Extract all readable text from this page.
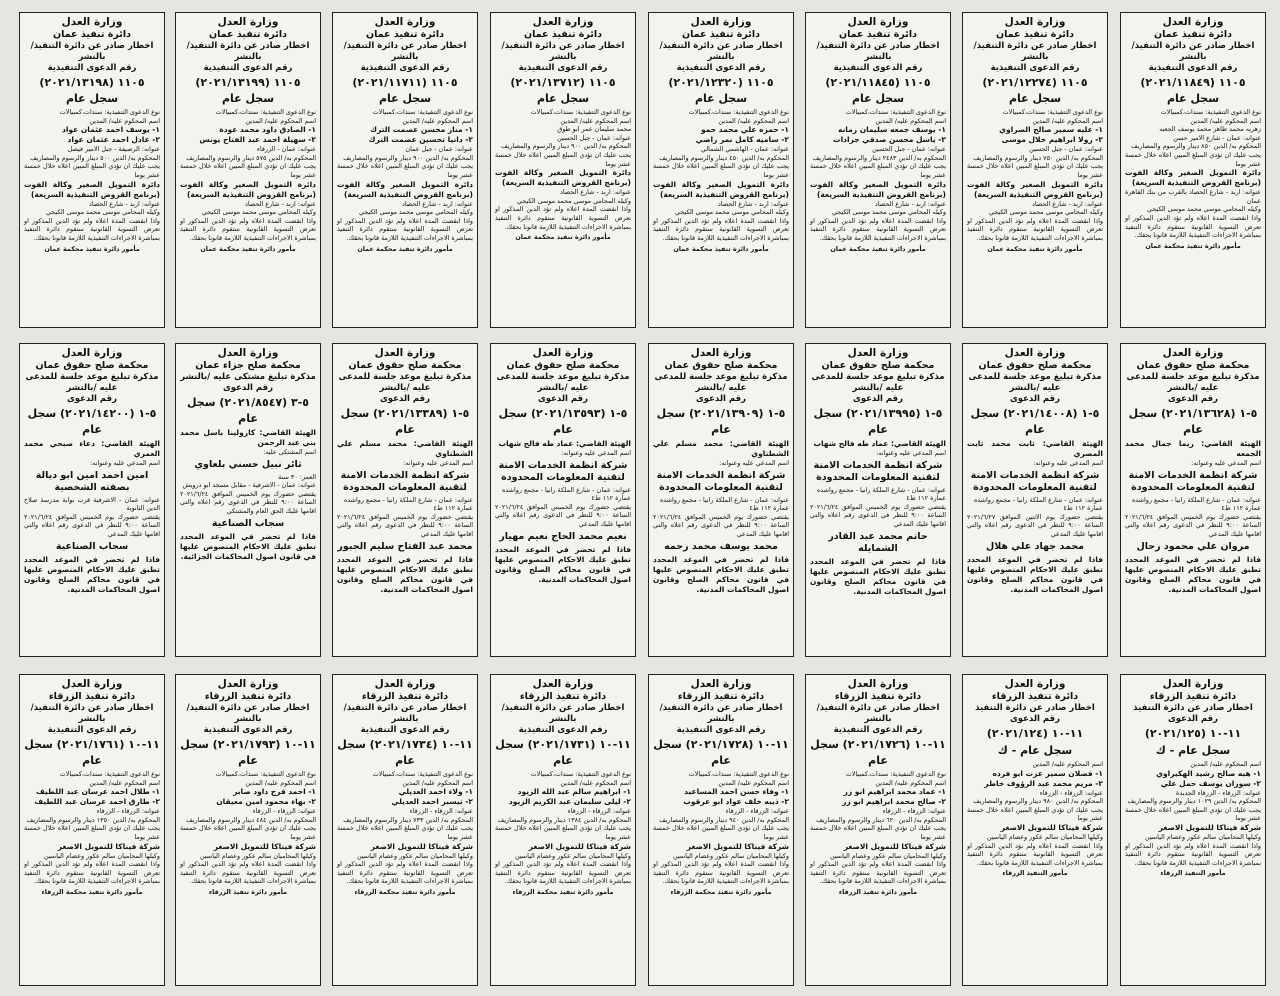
وزارة العدل
دائرة تنفيذ عمان
اخطار صادر عن دائرة التنفيذ/ بالنشر
رقم الدعوى التنفيذية
١١٠٥ (٢٠٢١/١١٨٤٩) سجل عام
نوع الدعوى التنفيذية: سندات،كمبيالات
اسم المحكوم عليه/ المدين
زهريه محمد طاهر محمد يوسف الجعبه
عنوانه: عمان - شارع الامير حسن
المحكوم به/ الدين ٨٥٠ دينار والرسوم والمصاريف
يجب عليك ان تؤدي المبلغ المبين اعلاه خلال خمسة عشر يوما
دائرة التمويل الصغير وكالة الفوت (برنامج القروض التنفيذية السريعة)
عنوانه: اربد - شارع الحصاد بالقرب من بنك القاهرة عمان
وكيله المحامي موسى محمد موسى الكيجي
واذا انقضت المدة اعلاه ولم تؤد الدين المذكور او تعرض التسوية القانونية ستقوم دائرة التنفيذ بمباشرة الاجراءات التنفيذية اللازمة قانونا بحقك.
مأمور دائرة تنفيذ محكمة عمان
وزارة العدل
دائرة تنفيذ عمان
اخطار صادر عن دائرة التنفيذ/ بالنشر
رقم الدعوى التنفيذية
١١٠٥ (٢٠٢١/١٢٢٧٤) سجل عام
نوع الدعوى التنفيذية: سندات،كمبيالات
اسم المحكوم عليه/ المدين
١- عليه سمير صالح الصراوي
٢- رولا ابراهيم خلال موسى
عنوانه: عمان - جبل الحسين
المحكوم به/ الدين ٧٥٠ دينار والرسوم والمصاريف
يجب عليك ان تؤدي المبلغ المبين اعلاه خلال خمسة عشر يوما
دائرة التمويل الصغير وكالة الفوت (برنامج القروض التنفيذية السريعة)
عنوانه: اربد - شارع الحصاد
وكيله المحامي موسى محمد موسى الكيجي
واذا انقضت المدة اعلاه ولم تؤد الدين المذكور او تعرض التسوية القانونية ستقوم دائرة التنفيذ بمباشرة الاجراءات التنفيذية اللازمة قانونا بحقك.
مأمور دائرة تنفيذ محكمة عمان
وزارة العدل
دائرة تنفيذ عمان
اخطار صادر عن دائرة التنفيذ/ بالنشر
رقم الدعوى التنفيذية
١١٠٥ (٢٠٢١/١١٨٤٥) سجل عام
نوع الدعوى التنفيذية: سندات،كمبيالات
اسم المحكوم عليه/ المدين
١- يوسف جمعه سليمان رمانه
٢- ياسل محسن صدقي جرادات
عنوانه: عمان - جبل الحسين
المحكوم به/ الدين ٢٤٨٣ دينار والرسوم والمصاريف
يجب عليك ان تؤدي المبلغ المبين اعلاه خلال خمسة عشر يوما
دائرة التمويل الصغير وكالة الفوت (برنامج القروض التنفيذية السريعة)
عنوانه: اربد - شارع الحصاد
وكيله المحامي موسى محمد موسى الكيجي
واذا انقضت المدة اعلاه ولم تؤد الدين المذكور او تعرض التسوية القانونية ستقوم دائرة التنفيذ بمباشرة الاجراءات التنفيذية اللازمة قانونا بحقك.
مأمور دائرة تنفيذ محكمة عمان
وزارة العدل
دائرة تنفيذ عمان
اخطار صادر عن دائرة التنفيذ/ بالنشر
رقم الدعوى التنفيذية
١١٠٥ (٢٠٢١/١٢٣٢٠) سجل عام
نوع الدعوى التنفيذية: سندات،كمبيالات
اسم المحكوم عليه/ المدين
١- حمزه علي محمد حمو
٢- ساميه كامل نمر راضي
عنوانه: عمان - الهاشمي الشمالي
المحكوم به/ الدين ٤٥٠ دينار والرسوم والمصاريف
يجب عليك ان تؤدي المبلغ المبين اعلاه خلال خمسة عشر يوما
دائرة التمويل الصغير وكالة الفوت (برنامج القروض التنفيذية السريعة)
عنوانه: اربد - شارع الحصاد
وكيله المحامي موسى محمد موسى الكيجي
واذا انقضت المدة اعلاه ولم تؤد الدين المذكور او تعرض التسوية القانونية ستقوم دائرة التنفيذ بمباشرة الاجراءات التنفيذية اللازمة قانونا بحقك.
مأمور دائرة تنفيذ محكمة عمان
وزارة العدل
دائرة تنفيذ عمان
اخطار صادر عن دائرة التنفيذ/ بالنشر
رقم الدعوى التنفيذية
١١٠٥ (٢٠٢١/١٣٧١٢) سجل عام
نوع الدعوى التنفيذية: سندات،كمبيالات
اسم المحكوم عليه/ المدين
محمد سليمان عمر ابو طوق
عنوانه: عمان - جبل الحسين
المحكوم به/ الدين ٩٠٠ دينار والرسوم والمصاريف
يجب عليك ان تؤدي المبلغ المبين اعلاه خلال خمسة عشر يوما
دائرة التمويل الصغير وكالة الفوت (برنامج القروض التنفيذية السريعة)
عنوانه: اربد - شارع الحصاد
وكيله المحامي موسى محمد موسى الكيجي
واذا انقضت المدة اعلاه ولم تؤد الدين المذكور او تعرض التسوية القانونية ستقوم دائرة التنفيذ بمباشرة الاجراءات التنفيذية اللازمة قانونا بحقك.
مأمور دائرة تنفيذ محكمة عمان
وزارة العدل
دائرة تنفيذ عمان
اخطار صادر عن دائرة التنفيذ/ بالنشر
رقم الدعوى التنفيذية
١١٠٥ (٢٠٢١/١١٧١١) سجل عام
نوع الدعوى التنفيذية: سندات،كمبيالات
اسم المحكوم عليه/ المدين
١- منار محسن عصمت الترك
٢- دانيا تحسين عصمت الترك
عنوانه: عمان - جبل عمان
المحكوم به/ الدين ٩٠٠ دينار والرسوم والمصاريف
يجب عليك ان تؤدي المبلغ المبين اعلاه خلال خمسة عشر يوما
دائرة التمويل الصغير وكالة الفوت (برنامج القروض التنفيذية السريعة)
عنوانه: اربد - شارع الحصاد
وكيله المحامي موسى محمد موسى الكيجي
واذا انقضت المدة اعلاه ولم تؤد الدين المذكور او تعرض التسوية القانونية ستقوم دائرة التنفيذ بمباشرة الاجراءات التنفيذية اللازمة قانونا بحقك.
مأمور دائرة تنفيذ محكمة عمان
وزارة العدل
دائرة تنفيذ عمان
اخطار صادر عن دائرة التنفيذ/ بالنشر
رقم الدعوى التنفيذية
١١٠٥ (٢٠٢١/١٣١٩٩) سجل عام
نوع الدعوى التنفيذية: سندات،كمبيالات
اسم المحكوم عليه/ المدين
١- الصادق داود محمد عودة
٢- سهيلة احمد عبد الفتاح يونس
عنوانه: عمان - الزرقاء
المحكوم به/ الدين ٥٧٥ دينار والرسوم والمصاريف
يجب عليك ان تؤدي المبلغ المبين اعلاه خلال خمسة عشر يوما
دائرة التمويل الصغير وكالة الفوت (برنامج القروض التنفيذية السريعة)
عنوانه: اربد - شارع الحصاد
وكيله المحامي موسى محمد موسى الكيجي
واذا انقضت المدة اعلاه ولم تؤد الدين المذكور او تعرض التسوية القانونية ستقوم دائرة التنفيذ بمباشرة الاجراءات التنفيذية اللازمة قانونا بحقك.
مأمور دائرة تنفيذ محكمة عمان
وزارة العدل
دائرة تنفيذ عمان
اخطار صادر عن دائرة التنفيذ/ بالنشر
رقم الدعوى التنفيذية
١١٠٥ (٢٠٢١/١٣١٩٨) سجل عام
نوع الدعوى التنفيذية: سندات،كمبيالات
اسم المحكوم عليه/ المدين
١- يوسف احمد عثمان عواد
٢- عادل احمد عثمان عواد
عنوانه: الرصيفة - جبل الامير فيصل
المحكوم به/ الدين ٥٠٠ دينار والرسوم والمصاريف
يجب عليك ان تؤدي المبلغ المبين اعلاه خلال خمسة عشر يوما
دائرة التمويل الصغير وكالة الفوت (برنامج القروض التنفيذية السريعة)
عنوانه: اربد - شارع الحصاد
وكيله المحامي موسى محمد موسى الكيجي
واذا انقضت المدة اعلاه ولم تؤد الدين المذكور او تعرض التسوية القانونية ستقوم دائرة التنفيذ بمباشرة الاجراءات التنفيذية اللازمة قانونا بحقك.
مأمور دائرة تنفيذ محكمة عمان
وزارة العدل
محكمة صلح حقوق عمان
مذكرة تبليغ موعد جلسة للمدعى عليه /بالنشر
رقم الدعوى
٥-١ (٢٠٢١/١٣٦٢٨) سجل عام
الهيئة القاضي: ريما جمال محمد الجمعه
اسم المدعي عليه وعنوانه:
شركة انظمة الخدمات الامنة لتقنية المعلومات المحدودة
عنوانه: عمان - شارع الملكة رانيا - مجمع رواشده
عمارة ١١٢ ط٤
يقتضي حضورك يوم الخميس الموافق ٢٠٢١/٦/٢٤ الساعة ٩:٠٠ للنظر في الدعوى رقم اعلاه والتي اقامها عليك المدعي
مروان علي محمود رحال
فاذا لم تحضر في الموعد المحدد تطبق عليك الاحكام المنصوص عليها في قانون محاكم الصلح وقانون اصول المحاكمات المدنية.
وزارة العدل
محكمة صلح حقوق عمان
مذكرة تبليغ موعد جلسة للمدعى عليه /بالنشر
رقم الدعوى
٥-١ (٢٠٢١/١٤٠٠٨) سجل عام
الهيئة القاضي: ثابت محمد ثابت المصري
اسم المدعي عليه وعنوانه:
شركة انظمة الخدمات الامنة لتقنية المعلومات المحدودة
عنوانه: عمان - شارع الملكة رانيا - مجمع رواشده
عمارة ١١٢ ط٤
يقتضي حضورك يوم الاثنين الموافق ٢٠٢١/٦/٢٧ الساعة ٩:٠٠ للنظر في الدعوى رقم اعلاه والتي اقامها عليك المدعي
محمد جهاد علي هلال
فاذا لم تحضر في الموعد المحدد تطبق عليك الاحكام المنصوص عليها في قانون محاكم الصلح وقانون اصول المحاكمات المدنية.
وزارة العدل
محكمة صلح حقوق عمان
مذكرة تبليغ موعد جلسة للمدعى عليه /بالنشر
رقم الدعوى
٥-١ (٢٠٢١/١٣٩٩٥) سجل عام
الهيئة القاضي: عماد طه فالح شهاب
اسم المدعي عليه وعنوانه:
شركة انظمة الخدمات الامنة لتقنية المعلومات المحدودة
عنوانه: عمان - شارع الملكة رانيا - مجمع رواشده
عمارة ١١٢ ط٤
يقتضي حضورك يوم الخميس الموافق ٢٠٢١/٦/٢٤ الساعة ٩:٠٠ للنظر في الدعوى رقم اعلاه والتي اقامها عليك المدعي
حاتم محمد عبد القادر الشمايله
فاذا لم تحضر في الموعد المحدد تطبق عليك الاحكام المنصوص عليها في قانون محاكم الصلح وقانون اصول المحاكمات المدنية.
وزارة العدل
محكمة صلح حقوق عمان
مذكرة تبليغ موعد جلسة للمدعى عليه /بالنشر
رقم الدعوى
٥-١ (٢٠٢١/١٣٩٠٩) سجل عام
الهيئة القاضي: محمد مسلم علي الشطناوي
اسم المدعي عليه وعنوانه:
شركة انظمة الخدمات الامنة لتقنية المعلومات المحدودة
عنوانه: عمان - شارع الملكة رانيا - مجمع رواشده
عمارة ١١٢ ط٤
يقتضي حضورك يوم الخميس الموافق ٢٠٢١/٦/٢٤ الساعة ٩:٠٠ للنظر في الدعوى رقم اعلاه والتي اقامها عليك المدعي
محمد يوسف محمد رحمه
فاذا لم تحضر في الموعد المحدد تطبق عليك الاحكام المنصوص عليها في قانون محاكم الصلح وقانون اصول المحاكمات المدنية.
وزارة العدل
محكمة صلح حقوق عمان
مذكرة تبليغ موعد جلسة للمدعى عليه /بالنشر
رقم الدعوى
٥-١ (٢٠٢١/١٣٥٩٣) سجل عام
الهيئة القاضي: عماد طه فالح شهاب
اسم المدعي عليه وعنوانه:
شركة انظمة الخدمات الامنة لتقنية المعلومات المحدودة
عنوانه: عمان - شارع الملكة رانيا - مجمع رواشده
عمارة ١١٢ ط٤
يقتضي حضورك يوم الخميس الموافق ٢٠٢١/٦/٢٤ الساعة ٩:٠٠ للنظر في الدعوى رقم اعلاه والتي اقامها عليك المدعي
نعيم محمد الحاج نعيم مهيار
فاذا لم تحضر في الموعد المحدد تطبق عليك الاحكام المنصوص عليها في قانون محاكم الصلح وقانون اصول المحاكمات المدنية.
وزارة العدل
محكمة صلح حقوق عمان
مذكرة تبليغ موعد جلسة للمدعى عليه /بالنشر
رقم الدعوى
٥-١ (٢٠٢١/١٣٣٨٩) سجل عام
الهيئة القاضي: محمد مسلم علي الشطناوي
اسم المدعي عليه وعنوانه:
شركة انظمة الخدمات الامنة لتقنية المعلومات المحدودة
عنوانه: عمان - شارع الملكة رانيا - مجمع رواشده
عمارة ١١٢ ط٤
يقتضي حضورك يوم الخميس الموافق ٢٠٢١/٦/٢٤ الساعة ٩:٠٠ للنظر في الدعوى رقم اعلاه والتي اقامها عليك المدعي
محمد عبد الفتاح سليم الجبور
فاذا لم تحضر في الموعد المحدد تطبق عليك الاحكام المنصوص عليها في قانون محاكم الصلح وقانون اصول المحاكمات المدنية.
وزارة العدل
محكمة صلح جزاء عمان
مذكرة تبليغ مشتكى عليه /بالنشر
رقم الدعوى
٥-٣ (٢٠٢١/٨٥٤٧) سجل عام
الهيئة القاضي: كارولينا باسل محمد بني عبد الرحمن
اسم المشتكى عليه:
ثائر نبيل حسني بلعاوي
العمر: ٣٠ سنة
عنوانه: عمان - الاشرفية - مقابل مسجد ابو درويش
يقتضي حضورك يوم الخميس الموافق ٢٠٢١/٦/٢٤ الساعة ٩:٠٠ للنظر في الدعوى رقم اعلاه والتي اقامها عليك الحق العام والمشتكي
سجاب الصناعية
فاذا لم تحضر في الموعد المحدد تطبق عليك الاحكام المنصوص عليها في قانون اصول المحاكمات الجزائية.
وزارة العدل
محكمة صلح حقوق عمان
مذكرة تبليغ موعد جلسة للمدعى عليه /بالنشر
رقم الدعوى
٥-١ (٢٠٢١/١٤٢٠٠) سجل عام
الهيئة القاضي: دعاء صبحي محمد العمري
اسم المدعي عليه وعنوانه:
امين احمد امين ابو ديالة بصفته الشخصية
عنوانه: عمان - الاشرفية قرب بوابة مدرسة صلاح الدين الثانوية
يقتضي حضورك يوم الخميس الموافق ٢٠٢١/٦/٢٤ الساعة ٩:٠٠ للنظر في الدعوى رقم اعلاه والتي اقامها عليك المدعي
سجاب الصناعية
فاذا لم تحضر في الموعد المحدد تطبق عليك الاحكام المنصوص عليها في قانون محاكم الصلح وقانون اصول المحاكمات المدنية.
وزارة العدل
دائرة تنفيذ الزرقاء
اخطار صادر عن دائرة التنفيذ
رقم الدعوى
١١-١٠ (٢٠٢١/١٢٥)
سجل عام - ك
اسم المحكوم عليه/ المدين
١- هبه صالح رشيد الهكيراوي
٢- سوزان يوسف حمل علي
عنوانه: الزرقاء - الزرقاء الجديدة
المحكوم به/ الدين ١٠٢٩ دينار والرسوم والمصاريف
يجب عليك ان تؤدي المبلغ المبين اعلاه خلال خمسة عشر يوما
شركة فيناكا للتمويل الاصغر
وكيلها المحاميان سالم عكور وعصام الياسين
واذا انقضت المدة اعلاه ولم تؤد الدين المذكور او تعرض التسوية القانونية ستقوم دائرة التنفيذ بمباشرة الاجراءات التنفيذية اللازمة قانونا بحقك.
مأمور التنفيذ الزرقاء
وزارة العدل
دائرة تنفيذ الزرقاء
اخطار صادر عن دائرة التنفيذ
رقم الدعوى
١١-١٠ (٢٠٢١/١٢٤)
سجل عام - ك
اسم المحكوم عليه/ المدين
١- فصلان سمير عزت ابو فرده
٢- مريم محمد عبد الرؤوف خاطر
عنوانه: الزرقاء - الزرقاء
المحكوم به/ الدين ٩٨٠ دينار والرسوم والمصاريف
يجب عليك ان تؤدي المبلغ المبين اعلاه خلال خمسة عشر يوما
شركة فيناكا للتمويل الاصغر
وكيلها المحاميان سالم عكور وعصام الياسين
واذا انقضت المدة اعلاه ولم تؤد الدين المذكور او تعرض التسوية القانونية ستقوم دائرة التنفيذ بمباشرة الاجراءات التنفيذية اللازمة قانونا بحقك.
مأمور التنفيذ الزرقاء
وزارة العدل
دائرة تنفيذ الزرقاء
اخطار صادر عن دائرة التنفيذ/ بالنشر
رقم الدعوى التنفيذية
١١-١٠ (٢٠٢١/١٧٢٦) سجل عام
نوع الدعوى التنفيذية: سندات،كمبيالات
اسم المحكوم عليه/ المدين
١- عماد محمد ابراهيم ابو زر
٢- صالح محمد ابراهيم ابو زر
عنوانه: الزرقاء - الزرقاء
المحكوم به/ الدين ٦٢٠ دينار والرسوم والمصاريف
يجب عليك ان تؤدي المبلغ المبين اعلاه خلال خمسة عشر يوما
شركة فيناكا للتمويل الاصغر
وكيلها المحاميان سالم عكور وعصام الياسين
واذا انقضت المدة اعلاه ولم تؤد الدين المذكور او تعرض التسوية القانونية ستقوم دائرة التنفيذ بمباشرة الاجراءات التنفيذية اللازمة قانونا بحقك.
مأمور دائرة تنفيذ الزرقاء
وزارة العدل
دائرة تنفيذ الزرقاء
اخطار صادر عن دائرة التنفيذ/ بالنشر
رقم الدعوى التنفيذية
١١-١٠ (٢٠٢١/١٧٢٨) سجل عام
نوع الدعوى التنفيذية: سندات،كمبيالات
اسم المحكوم عليه/ المدين
١- وفاء حسن احمد المساعيد
٢- ذيبه خلف عواد ابو عرقوب
عنوانه: الزرقاء - الزرقاء
المحكوم به/ الدين ٩٤٠ دينار والرسوم والمصاريف
يجب عليك ان تؤدي المبلغ المبين اعلاه خلال خمسة عشر يوما
شركة فيناكا للتمويل الاصغر
وكيلها المحاميان سالم عكور وعصام الياسين
واذا انقضت المدة اعلاه ولم تؤد الدين المذكور او تعرض التسوية القانونية ستقوم دائرة التنفيذ بمباشرة الاجراءات التنفيذية اللازمة قانونا بحقك.
مأمور دائرة تنفيذ محكمة الزرقاء
وزارة العدل
دائرة تنفيذ الزرقاء
اخطار صادر عن دائرة التنفيذ/ بالنشر
رقم الدعوى التنفيذية
١١-١٠ (٢٠٢١/١٧٣١) سجل عام
نوع الدعوى التنفيذية: سندات،كمبيالات
اسم المحكوم عليه/ المدين
١- ابراهيم سالم عبد الله الزيود
٢- ليلى سليمان عبد الكريم الزيود
عنوانه: الزرقاء - الزرقاء
المحكوم به/ الدين ١٣٨٤ دينار والرسوم والمصاريف
يجب عليك ان تؤدي المبلغ المبين اعلاه خلال خمسة عشر يوما
شركة فيناكا للتمويل الاصغر
وكيلها المحاميان سالم عكور وعصام الياسين
واذا انقضت المدة اعلاه ولم تؤد الدين المذكور او تعرض التسوية القانونية ستقوم دائرة التنفيذ بمباشرة الاجراءات التنفيذية اللازمة قانونا بحقك.
مأمور دائرة تنفيذ محكمة الزرقاء
وزارة العدل
دائرة تنفيذ الزرقاء
اخطار صادر عن دائرة التنفيذ/ بالنشر
رقم الدعوى التنفيذية
١١-١٠ (٢٠٢١/١٧٣٤) سجل عام
نوع الدعوى التنفيذية: سندات،كمبيالات
اسم المحكوم عليه/ المدين
١- ولاء احمد العديلي
٢- تيسير احمد العديلي
عنوانه: الزرقاء - الزرقاء
المحكوم به/ الدين ٧٣٣ دينار والرسوم والمصاريف
يجب عليك ان تؤدي المبلغ المبين اعلاه خلال خمسة عشر يوما
شركة فيناكا للتمويل الاصغر
وكيلها المحاميان سالم عكور وعصام الياسين
واذا انقضت المدة اعلاه ولم تؤد الدين المذكور او تعرض التسوية القانونية ستقوم دائرة التنفيذ بمباشرة الاجراءات التنفيذية اللازمة قانونا بحقك.
مأمور دائرة تنفيذ محكمة الزرقاء
وزارة العدل
دائرة تنفيذ الزرقاء
اخطار صادر عن دائرة التنفيذ/ بالنشر
رقم الدعوى التنفيذية
١١-١٠ (٢٠٢١/١٧٩٣) سجل عام
نوع الدعوى التنفيذية: سندات،كمبيالات
اسم المحكوم عليه/ المدين
١- احمد فرج داود صابر
٢- بهاء محمود امين معيقان
عنوانه: الزرقاء - الزرقاء
المحكوم به/ الدين ٤٨٤ دينار والرسوم والمصاريف
يجب عليك ان تؤدي المبلغ المبين اعلاه خلال خمسة عشر يوما
شركة فيناكا للتمويل الاصغر
وكيلها المحاميان سالم عكور وعصام الياسين
واذا انقضت المدة اعلاه ولم تؤد الدين المذكور او تعرض التسوية القانونية ستقوم دائرة التنفيذ بمباشرة الاجراءات التنفيذية اللازمة قانونا بحقك.
مأمور دائرة تنفيذ الزرقاء
وزارة العدل
دائرة تنفيذ الزرقاء
اخطار صادر عن دائرة التنفيذ/ بالنشر
رقم الدعوى التنفيذية
١١-١٠ (٢٠٢١/١٧٦١) سجل عام
نوع الدعوى التنفيذية: سندات،كمبيالات
اسم المحكوم عليه/ المدين
١- طلال احمد عرسان عبد اللطيف
٢- طارق احمد عرسان عبد اللطيف
عنوانه: الزرقاء - الزرقاء
المحكوم به/ الدين ١٣٥٠ دينار والرسوم والمصاريف
يجب عليك ان تؤدي المبلغ المبين اعلاه خلال خمسة عشر يوما
شركة فيناكا للتمويل الاصغر
وكيلها المحاميان سالم عكور وعصام الياسين
واذا انقضت المدة اعلاه ولم تؤد الدين المذكور او تعرض التسوية القانونية ستقوم دائرة التنفيذ بمباشرة الاجراءات التنفيذية اللازمة قانونا بحقك.
مأمور دائرة تنفيذ محكمة الزرقاء
